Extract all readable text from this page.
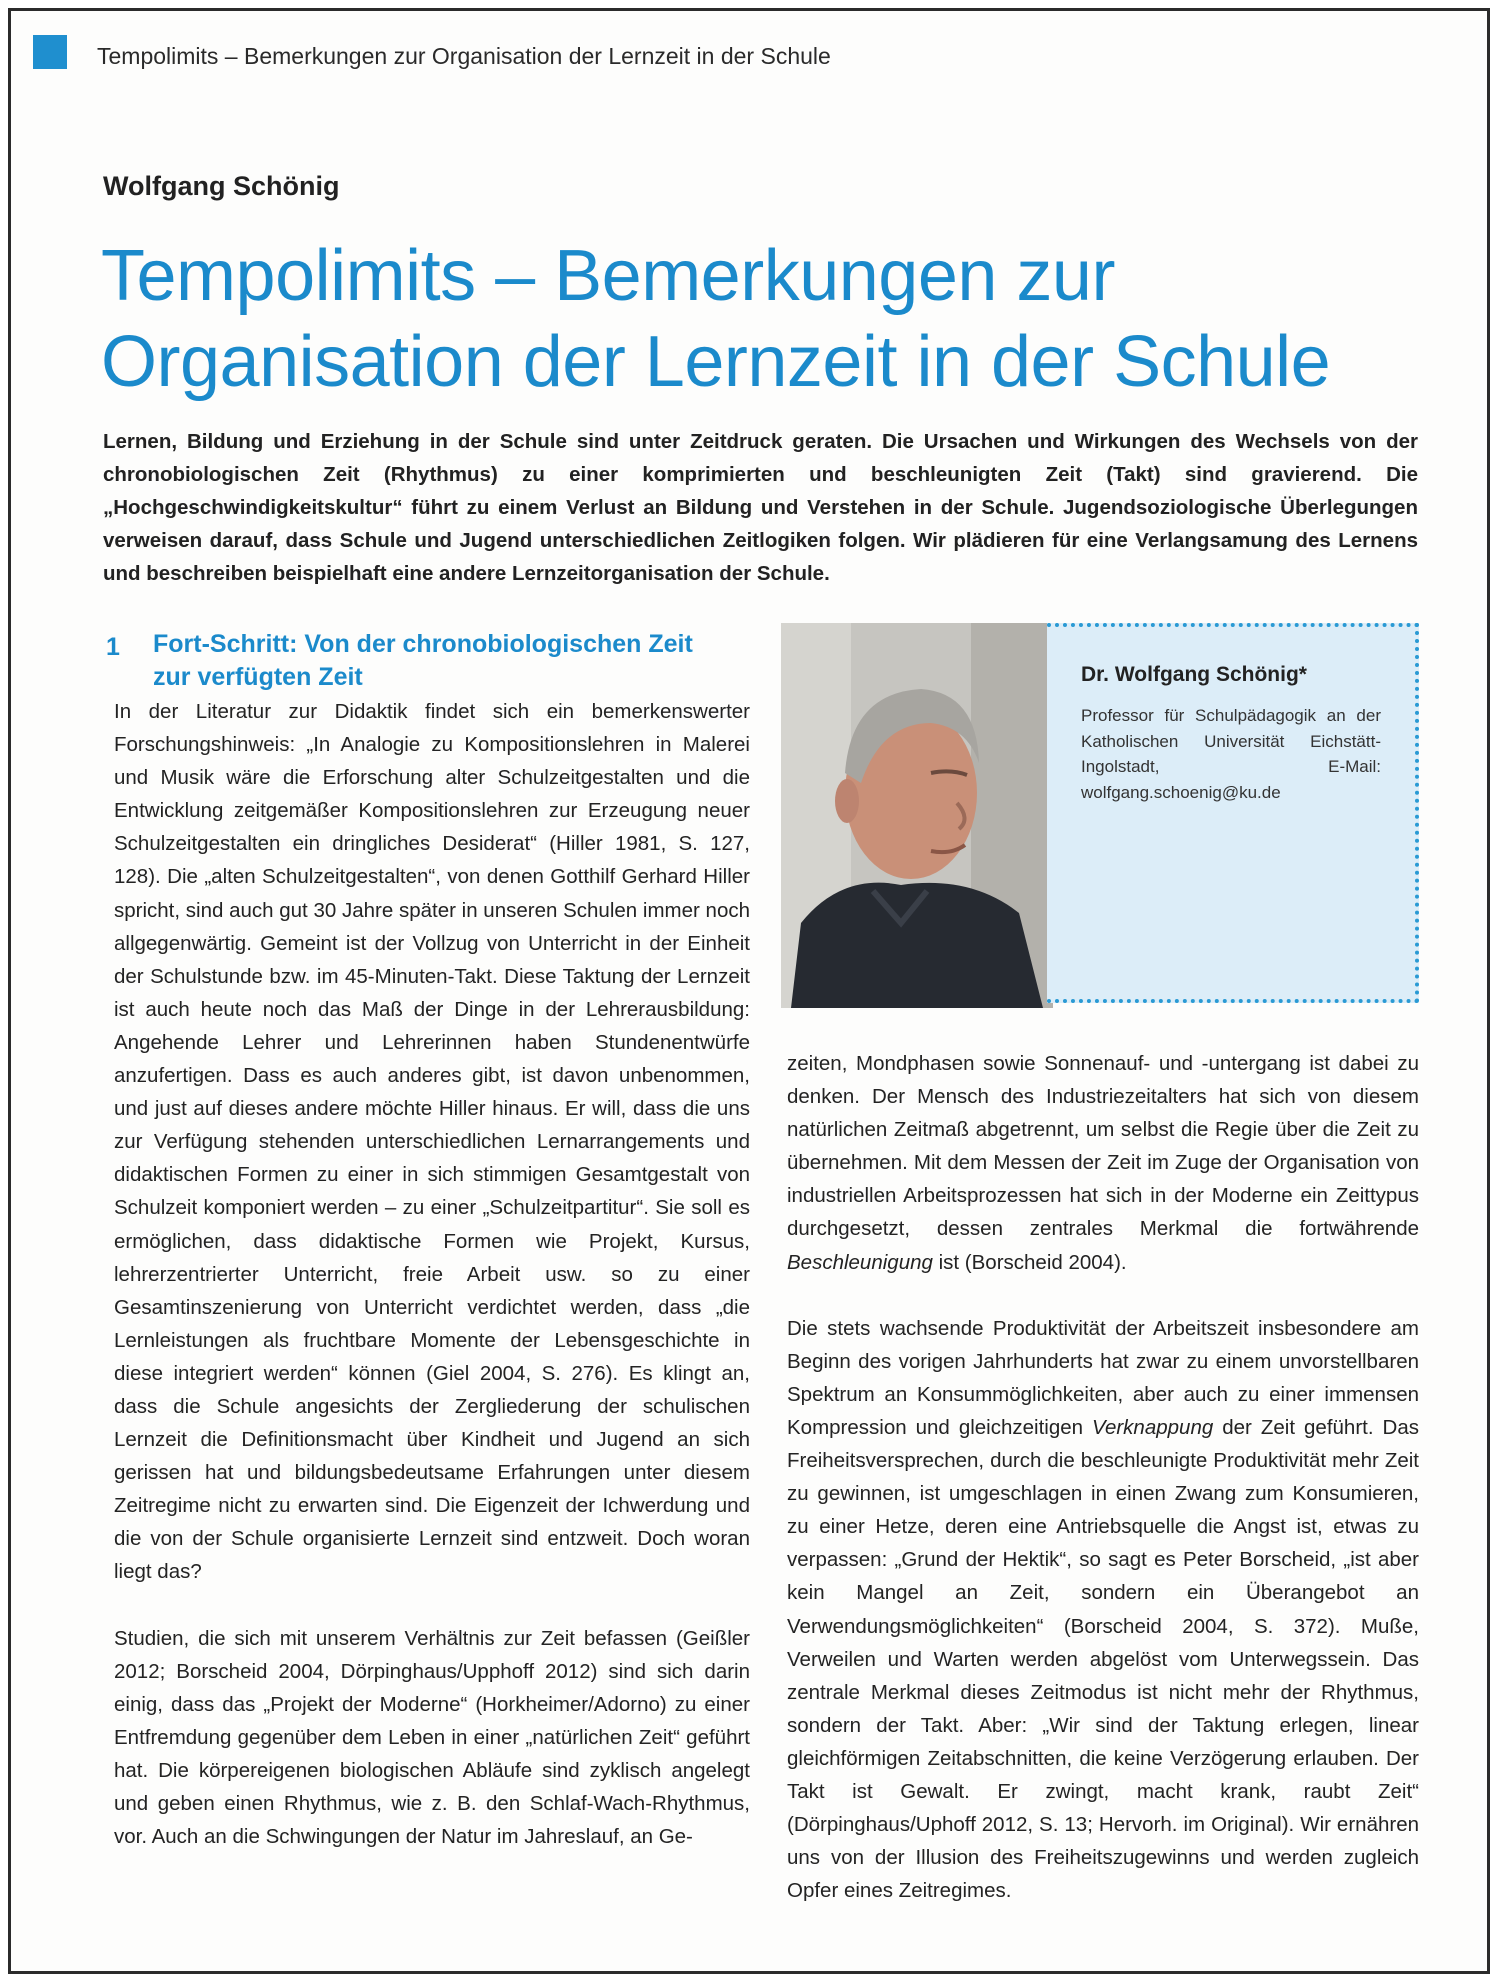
Tempolimits – Bemerkungen zur Organisation der Lernzeit in der Schule
Wolfgang Schönig
Tempolimits – Bemerkungen zur
Organisation der Lernzeit in der Schule

Lernen, Bildung und Erziehung in der Schule sind unter Zeitdruck geraten. Die Ursachen und Wirkungen des Wechsels von der chronobiologischen Zeit (Rhythmus) zu einer komprimierten und beschleunigten Zeit (Takt) sind gravierend. Die „Hochgeschwindigkeitskultur“ führt zu einem Verlust an Bildung und Verstehen in der Schule. Jugendsoziologische Überlegungen verweisen darauf, dass Schule und Jugend unterschiedlichen Zeitlogiken folgen. Wir plädieren für eine Verlangsamung des Lernens und beschreiben beispielhaft eine andere Lernzeitorganisation der Schule.

1 Fort-Schritt: Von der chronobiologischen Zeit
zur verfügten Zeit

In der Literatur zur Didaktik findet sich ein bemerkenswerter Forschungshinweis: „In Analogie zu Kompositionslehren in Malerei und Musik wäre die Erforschung alter Schulzeitgestalten und die Entwicklung zeitgemäßer Kompositionslehren zur Erzeugung neuer Schulzeitgestalten ein dringliches Desiderat“ (Hiller 1981, S. 127, 128). Die „alten Schulzeitgestalten“, von denen Gotthilf Gerhard Hiller spricht, sind auch gut 30 Jahre später in unseren Schulen immer noch allgegenwärtig. Gemeint ist der Vollzug von Unterricht in der Einheit der Schulstunde bzw. im 45-Minuten-Takt. Diese Taktung der Lernzeit ist auch heute noch das Maß der Dinge in der Lehrerausbildung: Angehende Lehrer und Lehrerinnen haben Stundenentwürfe anzufertigen. Dass es auch anderes gibt, ist davon unbenommen, und just auf dieses andere möchte Hiller hinaus. Er will, dass die uns zur Verfügung stehenden unterschiedlichen Lernarrangements und didaktischen Formen zu einer in sich stimmigen Gesamtgestalt von Schulzeit komponiert werden – zu einer „Schulzeitpartitur“. Sie soll es ermöglichen, dass didaktische Formen wie Projekt, Kursus, lehrerzentrierter Unterricht, freie Arbeit usw. so zu einer Gesamtinszenierung von Unterricht verdichtet werden, dass „die Lernleistungen als fruchtbare Momente der Lebensgeschichte in diese integriert werden“ können (Giel 2004, S. 276). Es klingt an, dass die Schule angesichts der Zergliederung der schulischen Lernzeit die Definitionsmacht über Kindheit und Jugend an sich gerissen hat und bildungsbedeutsame Erfahrungen unter diesem Zeitregime nicht zu erwarten sind. Die Eigenzeit der Ichwerdung und die von der Schule organisierte Lernzeit sind entzweit. Doch woran liegt das?

Studien, die sich mit unserem Verhältnis zur Zeit befassen (Geißler 2012; Borscheid 2004, Dörpinghaus/Upphoff 2012) sind sich darin einig, dass das „Projekt der Moderne“ (Horkheimer/Adorno) zu einer Entfremdung gegenüber dem Leben in einer „natürlichen Zeit“ geführt hat. Die körpereigenen biologischen Abläufe sind zyklisch angelegt und geben einen Rhythmus, wie z. B. den Schlaf-Wach-Rhythmus, vor. Auch an die Schwingungen der Natur im Jahreslauf, an Ge-

Dr. Wolfgang Schönig*

Professor für Schulpädagogik an der Katholischen Universität Eichstätt-Ingolstadt, E-Mail: wolfgang.schoenig@ku.de

zeiten, Mondphasen sowie Sonnenauf- und -untergang ist dabei zu denken. Der Mensch des Industriezeitalters hat sich von diesem natürlichen Zeitmaß abgetrennt, um selbst die Regie über die Zeit zu übernehmen. Mit dem Messen der Zeit im Zuge der Organisation von industriellen Arbeitsprozessen hat sich in der Moderne ein Zeittypus durchgesetzt, dessen zentrales Merkmal die fortwährende Beschleunigung ist (Borscheid 2004).

Die stets wachsende Produktivität der Arbeitszeit insbesondere am Beginn des vorigen Jahrhunderts hat zwar zu einem unvorstellbaren Spektrum an Konsummöglichkeiten, aber auch zu einer immensen Kompression und gleichzeitigen Verknappung der Zeit geführt. Das Freiheitsversprechen, durch die beschleunigte Produktivität mehr Zeit zu gewinnen, ist umgeschlagen in einen Zwang zum Konsumieren, zu einer Hetze, deren eine Antriebsquelle die Angst ist, etwas zu verpassen: „Grund der Hektik“, so sagt es Peter Borscheid, „ist aber kein Mangel an Zeit, sondern ein Überangebot an Verwendungsmöglichkeiten“ (Borscheid 2004, S. 372). Muße, Verweilen und Warten werden abgelöst vom Unterwegssein. Das zentrale Merkmal dieses Zeitmodus ist nicht mehr der Rhythmus, sondern der Takt. Aber: „Wir sind der Taktung erlegen, linear gleichförmigen Zeitabschnitten, die keine Verzögerung erlauben. Der Takt ist Gewalt. Er zwingt, macht krank, raubt Zeit“ (Dörpinghaus/Uphoff 2012, S. 13; Hervorh. im Original). Wir ernähren uns von der Illusion des Freiheitszugewinns und werden zugleich Opfer eines Zeitregimes.
